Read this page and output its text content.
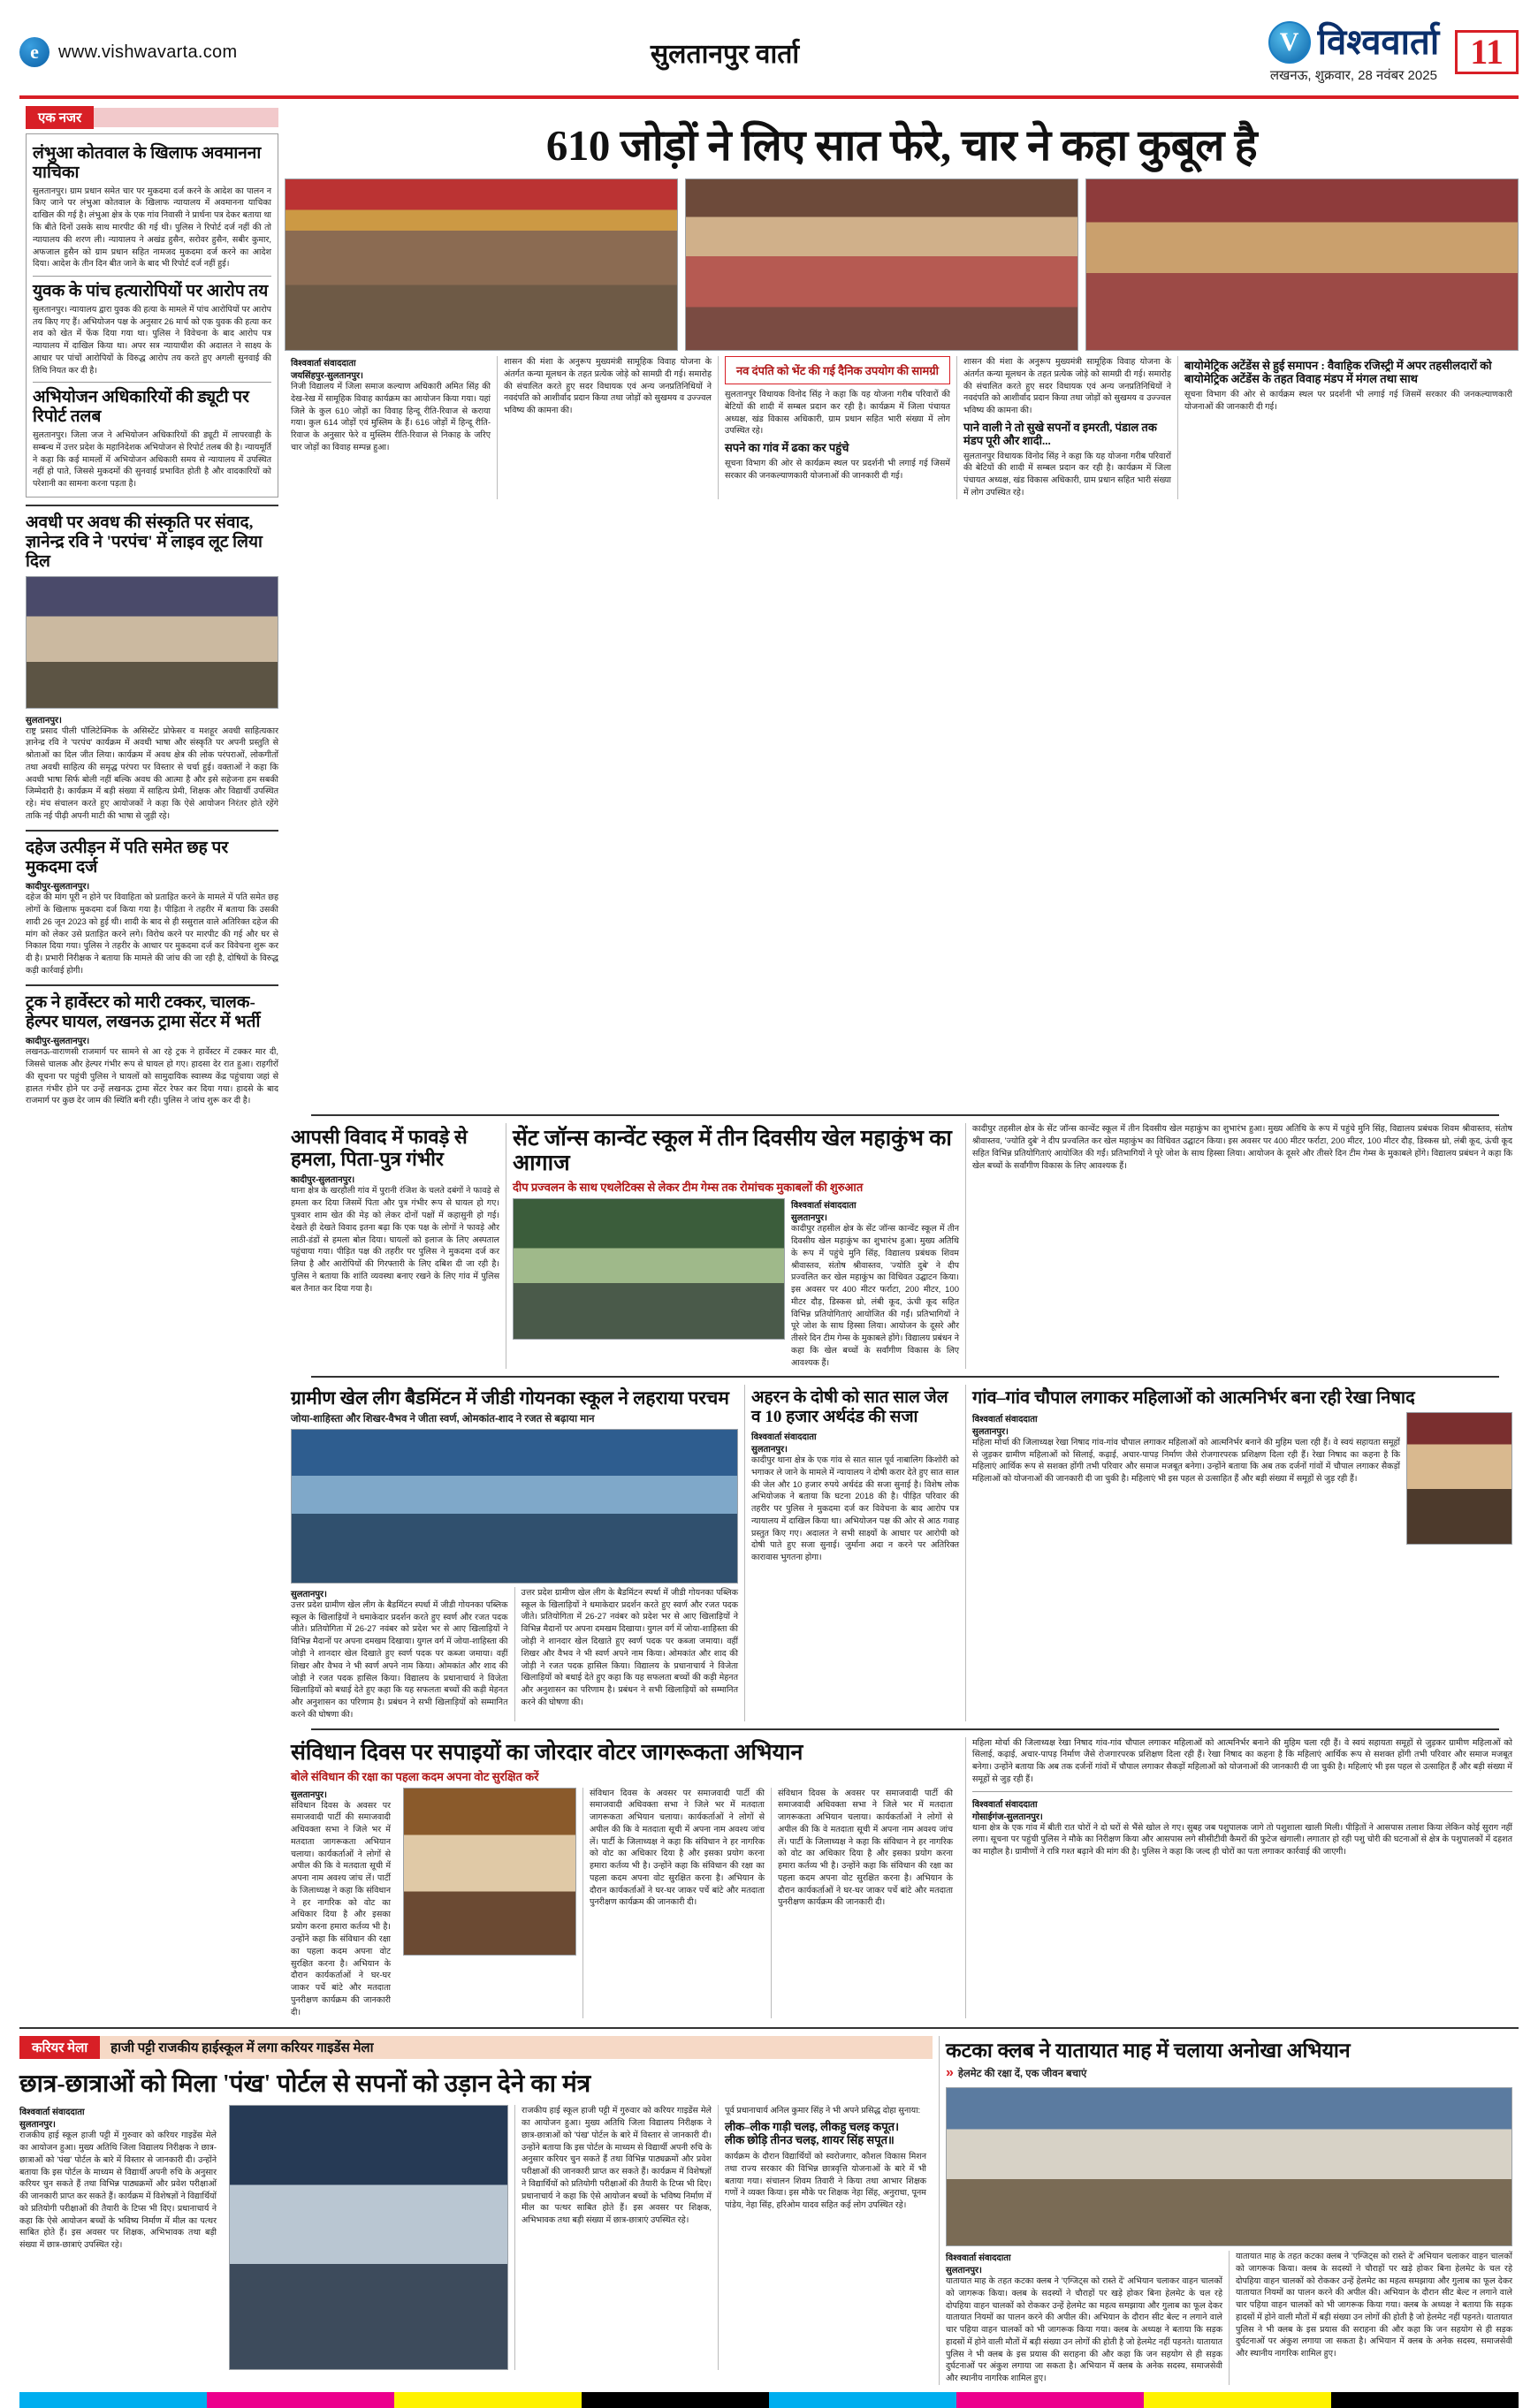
e
www.vishwavarta.com	सुलतानपुर वार्ता V	विश्ववार्ता
लखनऊ, शुक्रवार, 28 नवंबर 2025
11
एक नजर
लंभुआ कोतवाल के खिलाफ अवमानना याचिका
सुलतानपुर। ग्राम प्रधान समेत चार पर मुकदमा दर्ज करने के आदेश का पालन न किए जाने पर लंभुआ कोतवाल के खिलाफ न्यायालय में अवमानना याचिका दाखिल की गई है। लंभुआ क्षेत्र के एक गांव निवासी ने प्रार्थना पत्र देकर बताया था कि बीते दिनों उसके साथ मारपीट की गई थी। पुलिस ने रिपोर्ट दर्ज नहीं की तो न्यायालय की शरण ली। न्यायालय ने अखंड हुसैन, सरोवर हुसैन, सबीर कुमार, अफजाल हुसैन को ग्राम प्रधान सहित नामजद मुकदमा दर्ज करने का आदेश दिया। आदेश के तीन दिन बीत जाने के बाद भी रिपोर्ट दर्ज नहीं हुई।
युवक के पांच हत्यारोपियों पर आरोप तय
सुलतानपुर। न्यायालय द्वारा युवक की हत्या के मामले में पांच आरोपियों पर आरोप तय किए गए हैं। अभियोजन पक्ष के अनुसार 26 मार्च को एक युवक की हत्या कर शव को खेत में फेंक दिया गया था। पुलिस ने विवेचना के बाद आरोप पत्र न्यायालय में दाखिल किया था। अपर सत्र न्यायाधीश की अदालत ने साक्ष्य के आधार पर पांचों आरोपियों के विरुद्ध आरोप तय करते हुए अगली सुनवाई की तिथि नियत कर दी है।
अभियोजन अधिकारियों की ड्यूटी पर रिपोर्ट तलब
सुलतानपुर। जिला जज ने अभियोजन अधिकारियों की ड्यूटी में लापरवाही के सम्बन्ध में उत्तर प्रदेश के महानिदेशक अभियोजन से रिपोर्ट तलब की है। न्यायमूर्ति ने कहा कि कई मामलों में अभियोजन अधिकारी समय से न्यायालय में उपस्थित नहीं हो पाते, जिससे मुकदमों की सुनवाई प्रभावित होती है और वादकारियों को परेशानी का सामना करना पड़ता है।
अवधी पर अवध की संस्कृति पर संवाद, ज्ञानेन्द्र रवि ने 'परपंच' में लाइव लूट लिया दिल
सुलतानपुर।
राष्ट्र प्रसाद पीली पॉलिटेक्निक के असिस्टेंट प्रोफेसर व मशहूर अवधी साहित्यकार ज्ञानेन्द्र रवि ने 'परपंच' कार्यक्रम में अवधी भाषा और संस्कृति पर अपनी प्रस्तुति से श्रोताओं का दिल जीत लिया। कार्यक्रम में अवध क्षेत्र की लोक परंपराओं, लोकगीतों तथा अवधी साहित्य की समृद्ध परंपरा पर विस्तार से चर्चा हुई। वक्ताओं ने कहा कि अवधी भाषा सिर्फ बोली नहीं बल्कि अवध की आत्मा है और इसे सहेजना हम सबकी जिम्मेदारी है। कार्यक्रम में बड़ी संख्या में साहित्य प्रेमी, शिक्षक और विद्यार्थी उपस्थित रहे। मंच संचालन करते हुए आयोजकों ने कहा कि ऐसे आयोजन निरंतर होते रहेंगे ताकि नई पीढ़ी अपनी माटी की भाषा से जुड़ी रहे।
दहेज उत्पीड़न में पति समेत छह पर मुकदमा दर्ज
कादीपुर-सुलतानपुर।
दहेज की मांग पूरी न होने पर विवाहिता को प्रताड़ित करने के मामले में पति समेत छह लोगों के खिलाफ मुकदमा दर्ज किया गया है। पीड़िता ने तहरीर में बताया कि उसकी शादी 26 जून 2023 को हुई थी। शादी के बाद से ही ससुराल वाले अतिरिक्त दहेज की मांग को लेकर उसे प्रताड़ित करने लगे। विरोध करने पर मारपीट की गई और घर से निकाल दिया गया। पुलिस ने तहरीर के आधार पर मुकदमा दर्ज कर विवेचना शुरू कर दी है। प्रभारी निरीक्षक ने बताया कि मामले की जांच की जा रही है, दोषियों के विरुद्ध कड़ी कार्रवाई होगी।
ट्रक ने हार्वेस्टर को मारी टक्कर, चालक-हेल्पर घायल, लखनऊ ट्रामा सेंटर में भर्ती
कादीपुर-सुलतानपुर।
लखनऊ-वाराणसी राजमार्ग पर सामने से आ रहे ट्रक ने हार्वेस्टर में टक्कर मार दी, जिससे चालक और हेल्पर गंभीर रूप से घायल हो गए। हादसा देर रात हुआ। राहगीरों की सूचना पर पहुंची पुलिस ने घायलों को सामुदायिक स्वास्थ्य केंद्र पहुंचाया जहां से हालत गंभीर होने पर उन्हें लखनऊ ट्रामा सेंटर रेफर कर दिया गया। हादसे के बाद राजमार्ग पर कुछ देर जाम की स्थिति बनी रही। पुलिस ने जांच शुरू कर दी है।
610 जोड़ों ने लिए सात फेरे, चार ने कहा कुबूल है
विश्ववार्ता संवाददाता
जयसिंहपुर-सुलतानपुर।
निजी विद्यालय में जिला समाज कल्याण अधिकारी अमित सिंह की देख-रेख में सामूहिक विवाह कार्यक्रम का आयोजन किया गया। यहां जिले के कुल 610 जोड़ों का विवाह हिन्दू रीति-रिवाज से कराया गया। कुल 614 जोड़ों एवं मुस्लिम के हैं। 616 जोड़ों में हिन्दू रीति-रिवाज के अनुसार फेरे व मुस्लिम रीति-रिवाज से निकाह के जरिए चार जोड़ों का विवाह सम्पन्न हुआ।
शासन की मंशा के अनुरूप मुख्यमंत्री सामूहिक विवाह योजना के अंतर्गत कन्या मूलधन के तहत प्रत्येक जोड़े को सामग्री दी गई। समारोह की संचालित करते हुए सदर विधायक एवं अन्य जनप्रतिनिधियों ने नवदंपति को आशीर्वाद प्रदान किया तथा जोड़ों को सुखमय व उज्ज्वल भविष्य की कामना की।
नव दंपति को भेंट की गई दैनिक उपयोग की सामग्री
सुलतानपुर विधायक विनोद सिंह ने कहा कि यह योजना गरीब परिवारों की बेटियों की शादी में सम्बल प्रदान कर रही है। कार्यक्रम में जिला पंचायत अध्यक्ष, खंड विकास अधिकारी, ग्राम प्रधान सहित भारी संख्या में लोग उपस्थित रहे।
सपने का गांव में ढका कर पहुंचे
सूचना विभाग की ओर से कार्यक्रम स्थल पर प्रदर्शनी भी लगाई गई जिसमें सरकार की जनकल्याणकारी योजनाओं की जानकारी दी गई।
शासन की मंशा के अनुरूप मुख्यमंत्री सामूहिक विवाह योजना के अंतर्गत कन्या मूलधन के तहत प्रत्येक जोड़े को सामग्री दी गई। समारोह की संचालित करते हुए सदर विधायक एवं अन्य जनप्रतिनिधियों ने नवदंपति को आशीर्वाद प्रदान किया तथा जोड़ों को सुखमय व उज्ज्वल भविष्य की कामना की।
पाने वाली ने तो सुखे सपनों व इमरती, पंडाल तक मंडप पूरी और शादी...
सुलतानपुर विधायक विनोद सिंह ने कहा कि यह योजना गरीब परिवारों की बेटियों की शादी में सम्बल प्रदान कर रही है। कार्यक्रम में जिला पंचायत अध्यक्ष, खंड विकास अधिकारी, ग्राम प्रधान सहित भारी संख्या में लोग उपस्थित रहे।
बायोमेट्रिक अटेंडेंस से हुई समापन : वैवाहिक रजिस्ट्री में अपर तहसीलदारों को बायोमेट्रिक अटेंडेंस के तहत विवाह मंडप में मंगल तथा साथ
सूचना विभाग की ओर से कार्यक्रम स्थल पर प्रदर्शनी भी लगाई गई जिसमें सरकार की जनकल्याणकारी योजनाओं की जानकारी दी गई।
आपसी विवाद में फावड़े से हमला, पिता-पुत्र गंभीर
कादीपुर-सुलतानपुर।
थाना क्षेत्र के खरहौली गांव में पुरानी रंजिश के चलते दबंगों ने फावड़े से हमला कर दिया जिसमें पिता और पुत्र गंभीर रूप से घायल हो गए। पुत्रवार शाम खेत की मेड़ को लेकर दोनों पक्षों में कहासुनी हो गई। देखते ही देखते विवाद इतना बढ़ा कि एक पक्ष के लोगों ने फावड़े और लाठी-डंडों से हमला बोल दिया। घायलों को इलाज के लिए अस्पताल पहुंचाया गया। पीड़ित पक्ष की तहरीर पर पुलिस ने मुकदमा दर्ज कर लिया है और आरोपियों की गिरफ्तारी के लिए दबिश दी जा रही है। पुलिस ने बताया कि शांति व्यवस्था बनाए रखने के लिए गांव में पुलिस बल तैनात कर दिया गया है।
सेंट जॉन्स कान्वेंट स्कूल में तीन दिवसीय खेल महाकुंभ का आगाज
दीप प्रज्वलन के साथ एथलेटिक्स से लेकर टीम गेम्स तक रोमांचक मुकाबलों की शुरुआत
विश्ववार्ता संवाददाता
सुलतानपुर।
कादीपुर तहसील क्षेत्र के सेंट जॉन्स कान्वेंट स्कूल में तीन दिवसीय खेल महाकुंभ का शुभारंभ हुआ। मुख्य अतिथि के रूप में पहुंचे मुनि सिंह, विद्यालय प्रबंधक शिवम श्रीवास्तव, संतोष श्रीवास्तव, 'ज्योति दुबे' ने दीप प्रज्वलित कर खेल महाकुंभ का विधिवत उद्घाटन किया। इस अवसर पर 400 मीटर फर्राटा, 200 मीटर, 100 मीटर दौड़, डिस्कस थ्रो, लंबी कूद, ऊंची कूद सहित विभिन्न प्रतियोगिताएं आयोजित की गईं। प्रतिभागियों ने पूरे जोश के साथ हिस्सा लिया। आयोजन के दूसरे और तीसरे दिन टीम गेम्स के मुकाबले होंगे। विद्यालय प्रबंधन ने कहा कि खेल बच्चों के सर्वांगीण विकास के लिए आवश्यक हैं।
कादीपुर तहसील क्षेत्र के सेंट जॉन्स कान्वेंट स्कूल में तीन दिवसीय खेल महाकुंभ का शुभारंभ हुआ। मुख्य अतिथि के रूप में पहुंचे मुनि सिंह, विद्यालय प्रबंधक शिवम श्रीवास्तव, संतोष श्रीवास्तव, 'ज्योति दुबे' ने दीप प्रज्वलित कर खेल महाकुंभ का विधिवत उद्घाटन किया। इस अवसर पर 400 मीटर फर्राटा, 200 मीटर, 100 मीटर दौड़, डिस्कस थ्रो, लंबी कूद, ऊंची कूद सहित विभिन्न प्रतियोगिताएं आयोजित की गईं। प्रतिभागियों ने पूरे जोश के साथ हिस्सा लिया। आयोजन के दूसरे और तीसरे दिन टीम गेम्स के मुकाबले होंगे। विद्यालय प्रबंधन ने कहा कि खेल बच्चों के सर्वांगीण विकास के लिए आवश्यक हैं।
ग्रामीण खेल लीग बैडमिंटन में जीडी गोयनका स्कूल ने लहराया परचम
जोया-शाहिस्ता और शिखर-वैभव ने जीता स्वर्ण, ओमकांत-शाद ने रजत से बढ़ाया मान
सुलतानपुर।
उत्तर प्रदेश ग्रामीण खेल लीग के बैडमिंटन स्पर्धा में जीडी गोयनका पब्लिक स्कूल के खिलाड़ियों ने धमाकेदार प्रदर्शन करते हुए स्वर्ण और रजत पदक जीते। प्रतियोगिता में 26-27 नवंबर को प्रदेश भर से आए खिलाड़ियों ने विभिन्न मैदानों पर अपना दमखम दिखाया। युगल वर्ग में जोया-शाहिस्ता की जोड़ी ने शानदार खेल दिखाते हुए स्वर्ण पदक पर कब्जा जमाया। वहीं शिखर और वैभव ने भी स्वर्ण अपने नाम किया। ओमकांत और शाद की जोड़ी ने रजत पदक हासिल किया। विद्यालय के प्रधानाचार्य ने विजेता खिलाड़ियों को बधाई देते हुए कहा कि यह सफलता बच्चों की कड़ी मेहनत और अनुशासन का परिणाम है। प्रबंधन ने सभी खिलाड़ियों को सम्मानित करने की घोषणा की।
उत्तर प्रदेश ग्रामीण खेल लीग के बैडमिंटन स्पर्धा में जीडी गोयनका पब्लिक स्कूल के खिलाड़ियों ने धमाकेदार प्रदर्शन करते हुए स्वर्ण और रजत पदक जीते। प्रतियोगिता में 26-27 नवंबर को प्रदेश भर से आए खिलाड़ियों ने विभिन्न मैदानों पर अपना दमखम दिखाया। युगल वर्ग में जोया-शाहिस्ता की जोड़ी ने शानदार खेल दिखाते हुए स्वर्ण पदक पर कब्जा जमाया। वहीं शिखर और वैभव ने भी स्वर्ण अपने नाम किया। ओमकांत और शाद की जोड़ी ने रजत पदक हासिल किया। विद्यालय के प्रधानाचार्य ने विजेता खिलाड़ियों को बधाई देते हुए कहा कि यह सफलता बच्चों की कड़ी मेहनत और अनुशासन का परिणाम है। प्रबंधन ने सभी खिलाड़ियों को सम्मानित करने की घोषणा की।
अहरन के दोषी को सात साल जेल व 10 हजार अर्थदंड की सजा
विश्ववार्ता संवाददाता
सुलतानपुर।
कादीपुर थाना क्षेत्र के एक गांव से सात साल पूर्व नाबालिग किशोरी को भगाकर ले जाने के मामले में न्यायालय ने दोषी करार देते हुए सात साल की जेल और 10 हजार रुपये अर्थदंड की सजा सुनाई है। विशेष लोक अभियोजक ने बताया कि घटना 2018 की है। पीड़ित परिवार की तहरीर पर पुलिस ने मुकदमा दर्ज कर विवेचना के बाद आरोप पत्र न्यायालय में दाखिल किया था। अभियोजन पक्ष की ओर से आठ गवाह प्रस्तुत किए गए। अदालत ने सभी साक्ष्यों के आधार पर आरोपी को दोषी पाते हुए सजा सुनाई। जुर्माना अदा न करने पर अतिरिक्त कारावास भुगतना होगा।
गांव–गांव चौपाल लगाकर महिलाओं को आत्मनिर्भर बना रही रेखा निषाद
विश्ववार्ता संवाददाता
सुलतानपुर।
महिला मोर्चा की जिलाध्यक्ष रेखा निषाद गांव-गांव चौपाल लगाकर महिलाओं को आत्मनिर्भर बनाने की मुहिम चला रही हैं। वे स्वयं सहायता समूहों से जुड़कर ग्रामीण महिलाओं को सिलाई, कढ़ाई, अचार-पापड़ निर्माण जैसे रोजगारपरक प्रशिक्षण दिला रही हैं। रेखा निषाद का कहना है कि महिलाएं आर्थिक रूप से सशक्त होंगी तभी परिवार और समाज मजबूत बनेगा। उन्होंने बताया कि अब तक दर्जनों गांवों में चौपाल लगाकर सैकड़ों महिलाओं को योजनाओं की जानकारी दी जा चुकी है। महिलाएं भी इस पहल से उत्साहित हैं और बड़ी संख्या में समूहों से जुड़ रही हैं।
संविधान दिवस पर सपाइयों का जोरदार वोटर जागरूकता अभियान
बोले संविधान की रक्षा का पहला कदम अपना वोट सुरक्षित करें
सुलतानपुर।
संविधान दिवस के अवसर पर समाजवादी पार्टी की समाजवादी अधिवक्ता सभा ने जिले भर में मतदाता जागरूकता अभियान चलाया। कार्यकर्ताओं ने लोगों से अपील की कि वे मतदाता सूची में अपना नाम अवश्य जांच लें। पार्टी के जिलाध्यक्ष ने कहा कि संविधान ने हर नागरिक को वोट का अधिकार दिया है और इसका प्रयोग करना हमारा कर्तव्य भी है। उन्होंने कहा कि संविधान की रक्षा का पहला कदम अपना वोट सुरक्षित करना है। अभियान के दौरान कार्यकर्ताओं ने घर-घर जाकर पर्चे बांटे और मतदाता पुनरीक्षण कार्यक्रम की जानकारी दी।
संविधान दिवस के अवसर पर समाजवादी पार्टी की समाजवादी अधिवक्ता सभा ने जिले भर में मतदाता जागरूकता अभियान चलाया। कार्यकर्ताओं ने लोगों से अपील की कि वे मतदाता सूची में अपना नाम अवश्य जांच लें। पार्टी के जिलाध्यक्ष ने कहा कि संविधान ने हर नागरिक को वोट का अधिकार दिया है और इसका प्रयोग करना हमारा कर्तव्य भी है। उन्होंने कहा कि संविधान की रक्षा का पहला कदम अपना वोट सुरक्षित करना है। अभियान के दौरान कार्यकर्ताओं ने घर-घर जाकर पर्चे बांटे और मतदाता पुनरीक्षण कार्यक्रम की जानकारी दी।
संविधान दिवस के अवसर पर समाजवादी पार्टी की समाजवादी अधिवक्ता सभा ने जिले भर में मतदाता जागरूकता अभियान चलाया। कार्यकर्ताओं ने लोगों से अपील की कि वे मतदाता सूची में अपना नाम अवश्य जांच लें। पार्टी के जिलाध्यक्ष ने कहा कि संविधान ने हर नागरिक को वोट का अधिकार दिया है और इसका प्रयोग करना हमारा कर्तव्य भी है। उन्होंने कहा कि संविधान की रक्षा का पहला कदम अपना वोट सुरक्षित करना है। अभियान के दौरान कार्यकर्ताओं ने घर-घर जाकर पर्चे बांटे और मतदाता पुनरीक्षण कार्यक्रम की जानकारी दी।
महिला मोर्चा की जिलाध्यक्ष रेखा निषाद गांव-गांव चौपाल लगाकर महिलाओं को आत्मनिर्भर बनाने की मुहिम चला रही हैं। वे स्वयं सहायता समूहों से जुड़कर ग्रामीण महिलाओं को सिलाई, कढ़ाई, अचार-पापड़ निर्माण जैसे रोजगारपरक प्रशिक्षण दिला रही हैं। रेखा निषाद का कहना है कि महिलाएं आर्थिक रूप से सशक्त होंगी तभी परिवार और समाज मजबूत बनेगा। उन्होंने बताया कि अब तक दर्जनों गांवों में चौपाल लगाकर सैकड़ों महिलाओं को योजनाओं की जानकारी दी जा चुकी है। महिलाएं भी इस पहल से उत्साहित हैं और बड़ी संख्या में समूहों से जुड़ रही हैं।
विश्ववार्ता संवाददाता
गोसाईगंज-सुलतानपुर।
थाना क्षेत्र के एक गांव में बीती रात चोरों ने दो घरों से भैंसे खोल ले गए। सुबह जब पशुपालक जागे तो पशुशाला खाली मिली। पीड़ितों ने आसपास तलाश किया लेकिन कोई सुराग नहीं लगा। सूचना पर पहुंची पुलिस ने मौके का निरीक्षण किया और आसपास लगे सीसीटीवी कैमरों की फुटेज खंगाली। लगातार हो रही पशु चोरी की घटनाओं से क्षेत्र के पशुपालकों में दहशत का माहौल है। ग्रामीणों ने रात्रि गश्त बढ़ाने की मांग की है। पुलिस ने कहा कि जल्द ही चोरों का पता लगाकर कार्रवाई की जाएगी।
करियर मेला	हाजी पट्टी राजकीय हाईस्कूल में लगा करियर गाइडेंस मेला
छात्र-छात्राओं को मिला 'पंख' पोर्टल से सपनों को उड़ान देने का मंत्र
विश्ववार्ता संवाददाता
सुलतानपुर।
राजकीय हाई स्कूल हाजी पट्टी में गुरुवार को करियर गाइडेंस मेले का आयोजन हुआ। मुख्य अतिथि जिला विद्यालय निरीक्षक ने छात्र-छात्राओं को 'पंख' पोर्टल के बारे में विस्तार से जानकारी दी। उन्होंने बताया कि इस पोर्टल के माध्यम से विद्यार्थी अपनी रुचि के अनुसार करियर चुन सकते हैं तथा विभिन्न पाठ्यक्रमों और प्रवेश परीक्षाओं की जानकारी प्राप्त कर सकते हैं। कार्यक्रम में विशेषज्ञों ने विद्यार्थियों को प्रतियोगी परीक्षाओं की तैयारी के टिप्स भी दिए। प्रधानाचार्य ने कहा कि ऐसे आयोजन बच्चों के भविष्य निर्माण में मील का पत्थर साबित होते हैं। इस अवसर पर शिक्षक, अभिभावक तथा बड़ी संख्या में छात्र-छात्राएं उपस्थित रहे।
राजकीय हाई स्कूल हाजी पट्टी में गुरुवार को करियर गाइडेंस मेले का आयोजन हुआ। मुख्य अतिथि जिला विद्यालय निरीक्षक ने छात्र-छात्राओं को 'पंख' पोर्टल के बारे में विस्तार से जानकारी दी। उन्होंने बताया कि इस पोर्टल के माध्यम से विद्यार्थी अपनी रुचि के अनुसार करियर चुन सकते हैं तथा विभिन्न पाठ्यक्रमों और प्रवेश परीक्षाओं की जानकारी प्राप्त कर सकते हैं। कार्यक्रम में विशेषज्ञों ने विद्यार्थियों को प्रतियोगी परीक्षाओं की तैयारी के टिप्स भी दिए। प्रधानाचार्य ने कहा कि ऐसे आयोजन बच्चों के भविष्य निर्माण में मील का पत्थर साबित होते हैं। इस अवसर पर शिक्षक, अभिभावक तथा बड़ी संख्या में छात्र-छात्राएं उपस्थित रहे।
पूर्व प्रधानाचार्य अनिल कुमार सिंह ने भी अपने प्रसिद्ध दोहा सुनाया:
लीक–लीक गाड़ी चलइ, लीकहु चलइ कपूत।
लीक छोड़ि तीनउ चलइ, शायर सिंह सपूत॥
कार्यक्रम के दौरान विद्यार्थियों को स्वरोजगार, कौशल विकास मिशन तथा राज्य सरकार की विभिन्न छात्रवृत्ति योजनाओं के बारे में भी बताया गया। संचालन शिवम तिवारी ने किया तथा आभार शिक्षक गणों ने व्यक्त किया। इस मौके पर शिक्षक नेहा सिंह, अनुराधा, पूनम पांडेय, नेहा सिंह, हरिओम यादव सहित कई लोग उपस्थित रहे।
कटका क्लब ने यातायात माह में चलाया अनोखा अभियान
» हेलमेट की रक्षा दें, एक जीवन बचाएं
विश्ववार्ता संवाददाता
सुलतानपुर।
यातायात माह के तहत कटका क्लब ने 'एग्जिट्स को रास्ते दें' अभियान चलाकर वाहन चालकों को जागरूक किया। क्लब के सदस्यों ने चौराहों पर खड़े होकर बिना हेलमेट के चल रहे दोपहिया वाहन चालकों को रोककर उन्हें हेलमेट का महत्व समझाया और गुलाब का फूल देकर यातायात नियमों का पालन करने की अपील की। अभियान के दौरान सीट बेल्ट न लगाने वाले चार पहिया वाहन चालकों को भी जागरूक किया गया। क्लब के अध्यक्ष ने बताया कि सड़क हादसों में होने वाली मौतों में बड़ी संख्या उन लोगों की होती है जो हेलमेट नहीं पहनते। यातायात पुलिस ने भी क्लब के इस प्रयास की सराहना की और कहा कि जन सहयोग से ही सड़क दुर्घटनाओं पर अंकुश लगाया जा सकता है। अभियान में क्लब के अनेक सदस्य, समाजसेवी और स्थानीय नागरिक शामिल हुए।
यातायात माह के तहत कटका क्लब ने 'एग्जिट्स को रास्ते दें' अभियान चलाकर वाहन चालकों को जागरूक किया। क्लब के सदस्यों ने चौराहों पर खड़े होकर बिना हेलमेट के चल रहे दोपहिया वाहन चालकों को रोककर उन्हें हेलमेट का महत्व समझाया और गुलाब का फूल देकर यातायात नियमों का पालन करने की अपील की। अभियान के दौरान सीट बेल्ट न लगाने वाले चार पहिया वाहन चालकों को भी जागरूक किया गया। क्लब के अध्यक्ष ने बताया कि सड़क हादसों में होने वाली मौतों में बड़ी संख्या उन लोगों की होती है जो हेलमेट नहीं पहनते। यातायात पुलिस ने भी क्लब के इस प्रयास की सराहना की और कहा कि जन सहयोग से ही सड़क दुर्घटनाओं पर अंकुश लगाया जा सकता है। अभियान में क्लब के अनेक सदस्य, समाजसेवी और स्थानीय नागरिक शामिल हुए।
